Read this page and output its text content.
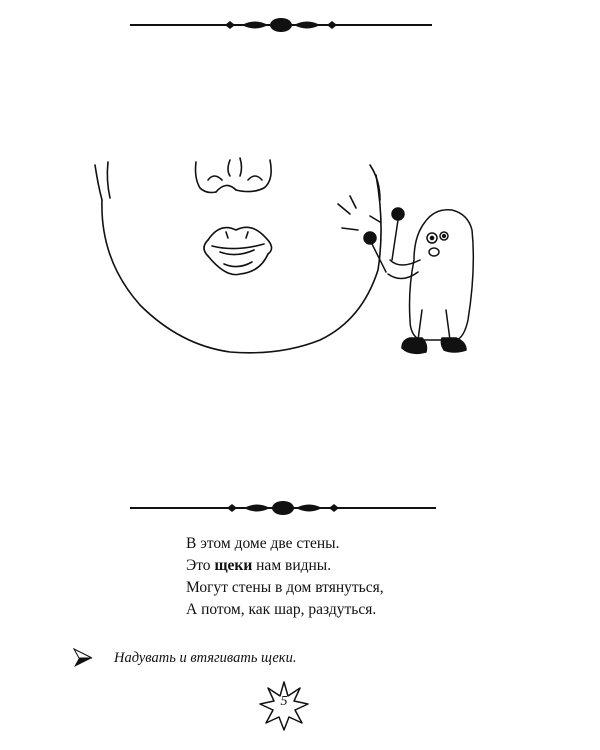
В этом доме две стены.
Это щеки нам видны.
Могут стены в дом втянуться,
А потом, как шар, раздуться.
Надувать и втягивать щеки.
5
